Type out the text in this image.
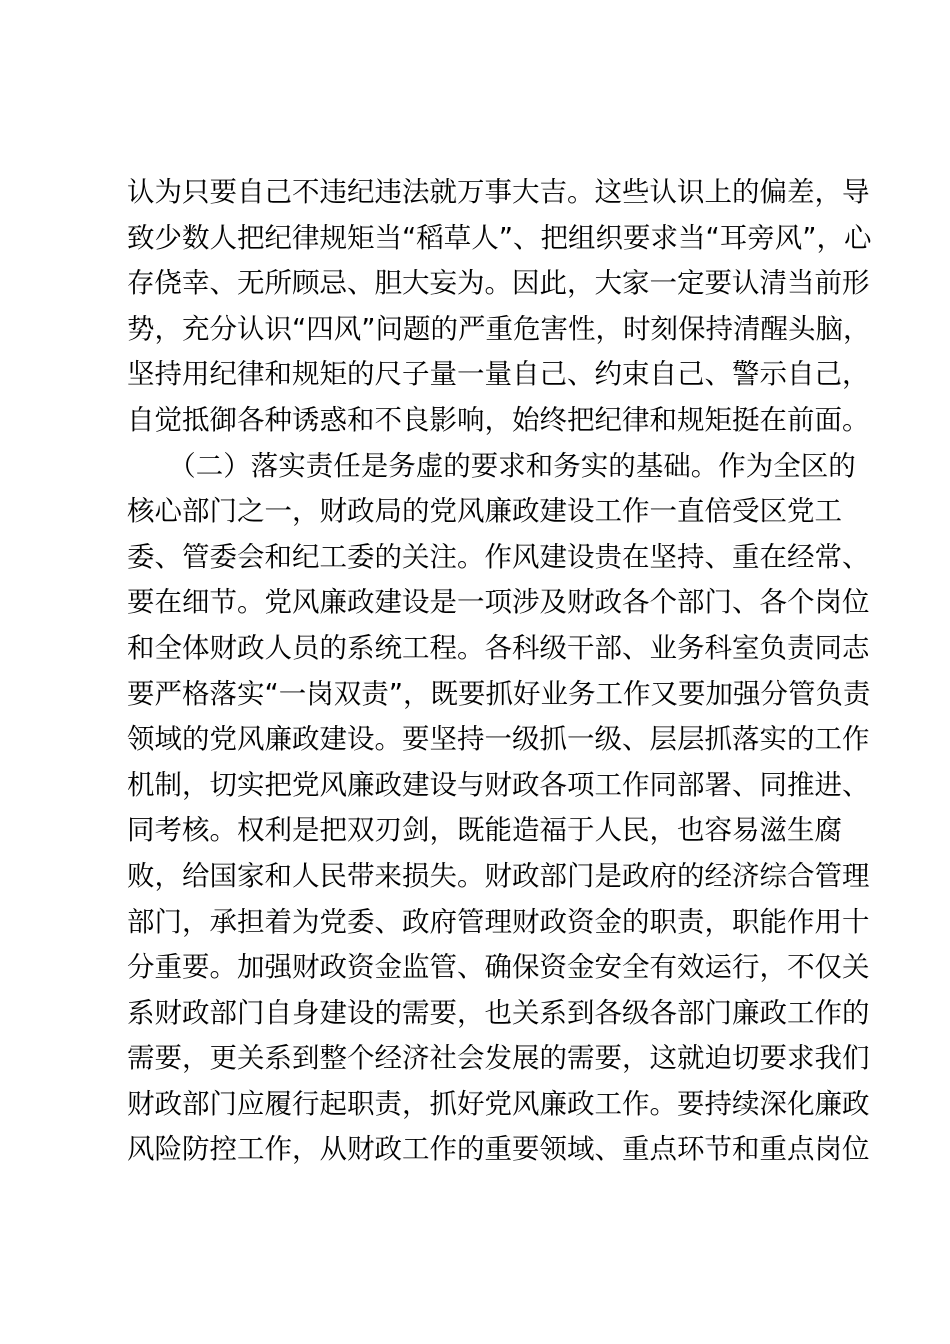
认为只要自己不违纪违法就万事大吉。这些认识上的偏差，导
致少数人把纪律规矩当“稻草人”、把组织要求当“耳旁风”，心
存侥幸、无所顾忌、胆大妄为。因此，大家一定要认清当前形
势，充分认识“四风”问题的严重危害性，时刻保持清醒头脑，
坚持用纪律和规矩的尺子量一量自己、约束自己、警示自己，
自觉抵御各种诱惑和不良影响，始终把纪律和规矩挺在前面。
　　（二）落实责任是务虚的要求和务实的基础。作为全区的
核心部门之一，财政局的党风廉政建设工作一直倍受区党工
委、管委会和纪工委的关注。作风建设贵在坚持、重在经常、
要在细节。党风廉政建设是一项涉及财政各个部门、各个岗位
和全体财政人员的系统工程。各科级干部、业务科室负责同志
要严格落实“一岗双责”，既要抓好业务工作又要加强分管负责
领域的党风廉政建设。要坚持一级抓一级、层层抓落实的工作
机制，切实把党风廉政建设与财政各项工作同部署、同推进、
同考核。权利是把双刃剑，既能造福于人民，也容易滋生腐
败，给国家和人民带来损失。财政部门是政府的经济综合管理
部门，承担着为党委、政府管理财政资金的职责，职能作用十
分重要。加强财政资金监管、确保资金安全有效运行，不仅关
系财政部门自身建设的需要，也关系到各级各部门廉政工作的
需要，更关系到整个经济社会发展的需要，这就迫切要求我们
财政部门应履行起职责，抓好党风廉政工作。要持续深化廉政
风险防控工作，从财政工作的重要领域、重点环节和重点岗位
